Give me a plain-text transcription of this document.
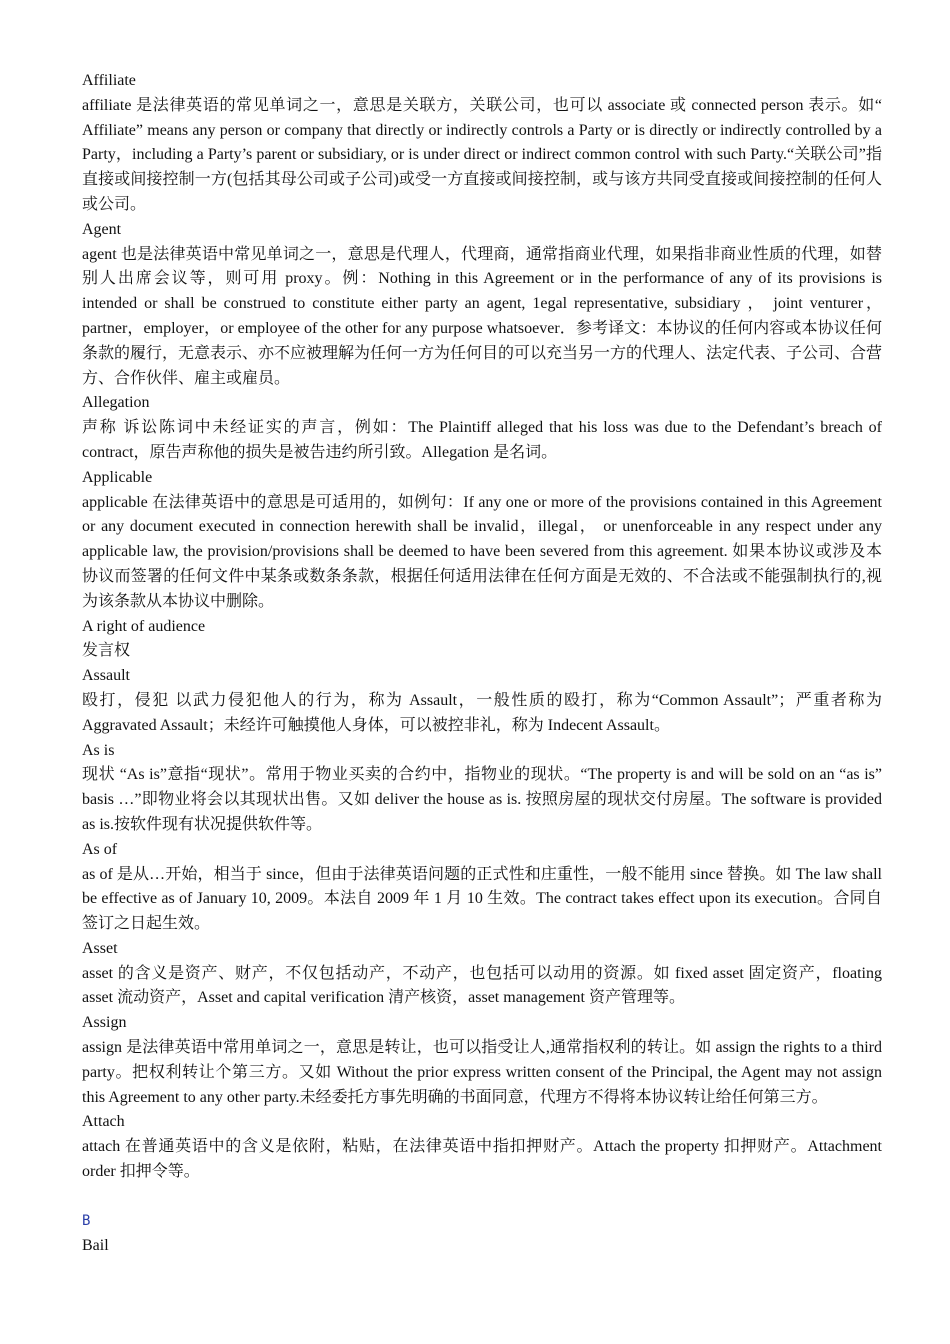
Affiliate

affiliate 是法律英语的常见单词之一，意思是关联方，关联公司，也可以 associate 或 connected person 表示。如“ Affiliate” means any person or company that directly or indirectly controls a Party or is directly or indirectly controlled by a Party，including a Party’s parent or subsidiary, or is under direct or indirect common control with such Party.“关联公司”指直接或间接控制一方(包括其母公司或子公司)或受一方直接或间接控制，或与该方共同受直接或间接控制的任何人或公司。

Agent

agent 也是法律英语中常见单词之一，意思是代理人，代理商，通常指商业代理，如果指非商业性质的代理，如替别人出席会议等，则可用 proxy。例：Nothing in this Agreement or in the performance of any of its provisions is intended or shall be construed to constitute either party an agent, 1egal representative, subsidiary ， joint venturer，partner，employer，or employee of the other for any purpose whatsoever．参考译文：本协议的任何内容或本协议任何条款的履行，无意表示、亦不应被理解为任何一方为任何目的可以充当另一方的代理人、法定代表、子公司、合营方、合作伙伴、雇主或雇员。

Allegation

声称 诉讼陈词中未经证实的声言，例如：The Plaintiff alleged that his loss was due to the Defendant’s breach of contract，原告声称他的损失是被告违约所引致。Allegation 是名词。

Applicable

applicable 在法律英语中的意思是可适用的，如例句：If any one or more of the provisions contained in this Agreement or any document executed in connection herewith shall be invalid，illegal， or unenforceable in any respect under any applicable law, the provision/provisions shall be deemed to have been severed from this agreement. 如果本协议或涉及本协议而签署的任何文件中某条或数条条款，根据任何适用法律在任何方面是无效的、不合法或不能强制执行的,视为该条款从本协议中删除。

A right of audience

发言权

Assault

殴打，侵犯 以武力侵犯他人的行为，称为 Assault，一般性质的殴打，称为“Common Assault”；严重者称为 Aggravated Assault；未经许可触摸他人身体，可以被控非礼，称为 Indecent Assault。

As is

现状 “As is”意指“现状”。常用于物业买卖的合约中，指物业的现状。“The property is and will be sold on an “as is” basis …”即物业将会以其现状出售。又如 deliver the house as is. 按照房屋的现状交付房屋。The software is provided as is.按软件现有状况提供软件等。

As of

as of 是从…开始，相当于 since，但由于法律英语问题的正式性和庄重性，一般不能用 since 替换。如 The law shall be effective as of January 10, 2009。本法自 2009 年 1 月 10 生效。The contract takes effect upon its execution。合同自签订之日起生效。

Asset

asset 的含义是资产、财产，不仅包括动产，不动产，也包括可以动用的资源。如 fixed asset 固定资产，floating asset 流动资产，Asset and capital verification 清产核资，asset management 资产管理等。

Assign

assign 是法律英语中常用单词之一，意思是转让，也可以指受让人,通常指权利的转让。如 assign the rights to a third party。把权利转让个第三方。又如 Without the prior express written consent of the Principal, the Agent may not assign this Agreement to any other party.未经委托方事先明确的书面同意，代理方不得将本协议转让给任何第三方。

Attach

attach 在普通英语中的含义是依附，粘贴，在法律英语中指扣押财产。Attach the property 扣押财产。Attachment order 扣押令等。

B

Bail
